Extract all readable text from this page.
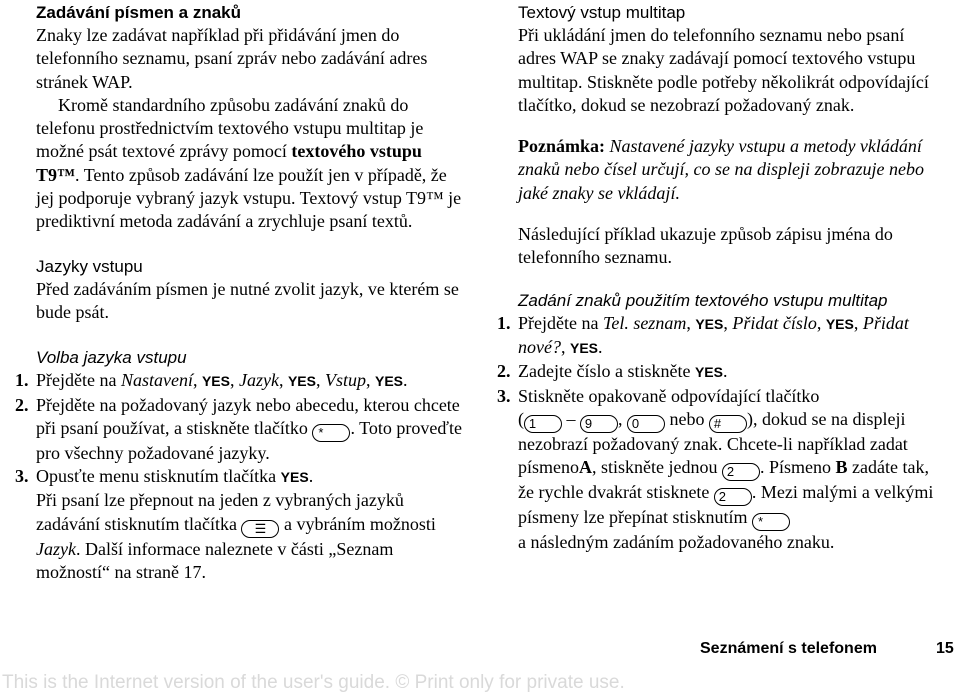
Zadávání písmen a znaků

Znaky lze zadávat například při přidávání jmen do telefonního seznamu, psaní zpráv nebo zadávání adres stránek WAP.

Kromě standardního způsobu zadávání znaků do telefonu prostřednictvím textového vstupu multitap je možné psát textové zprávy pomocí textového vstupu T9™. Tento způsob zadávání lze použít jen v případě, že jej podporuje vybraný jazyk vstupu. Textový vstup T9™ je prediktivní metoda zadávání a zrychluje psaní textů.

Jazyky vstupu

Před zadáváním písmen je nutné zvolit jazyk, ve kterém se bude psát.

Volba jazyka vstupu
1. Přejděte na Nastavení, YES, Jazyk, YES, Vstup, YES.
2. Přejděte na požadovaný jazyk nebo abecedu, kterou chcete při psaní používat, a stiskněte tlačítko * . Toto proveďte pro všechny požadované jazyky.
3. Opusťte menu stisknutím tlačítka YES.

Při psaní lze přepnout na jeden z vybraných jazyků zadávání stisknutím tlačítka ☰ a vybráním možnosti Jazyk. Další informace naleznete v části „Seznam možností“ na straně 17.

Textový vstup multitap

Při ukládání jmen do telefonního seznamu nebo psaní adres WAP se znaky zadávají pomocí textového vstupu multitap. Stiskněte podle potřeby několikrát odpovídající tlačítko, dokud se nezobrazí požadovaný znak.

Poznámka: Nastavené jazyky vstupu a metody vkládání znaků nebo čísel určují, co se na displeji zobrazuje nebo jaké znaky se vkládají.

Následující příklad ukazuje způsob zápisu jména do telefonního seznamu.

Zadání znaků použitím textového vstupu multitap
1. Přejděte na Tel. seznam, YES, Přidat číslo, YES, Přidat nové?, YES.
2. Zadejte číslo a stiskněte YES.
3. Stiskněte opakovaně odpovídající tlačítko
( 1 – 9 , 0 nebo # ), dokud se na displeji nezobrazí požadovaný znak. Chcete-li například zadat písmenoA, stiskněte jednou 2 . Písmeno B zadáte tak, že rychle dvakrát stisknete 2 . Mezi malými a velkými písmeny lze přepínat stisknutím *
a následným zadáním požadovaného znaku.
Seznámení s telefonem	15
This is the Internet version of the user's guide. © Print only for private use.
